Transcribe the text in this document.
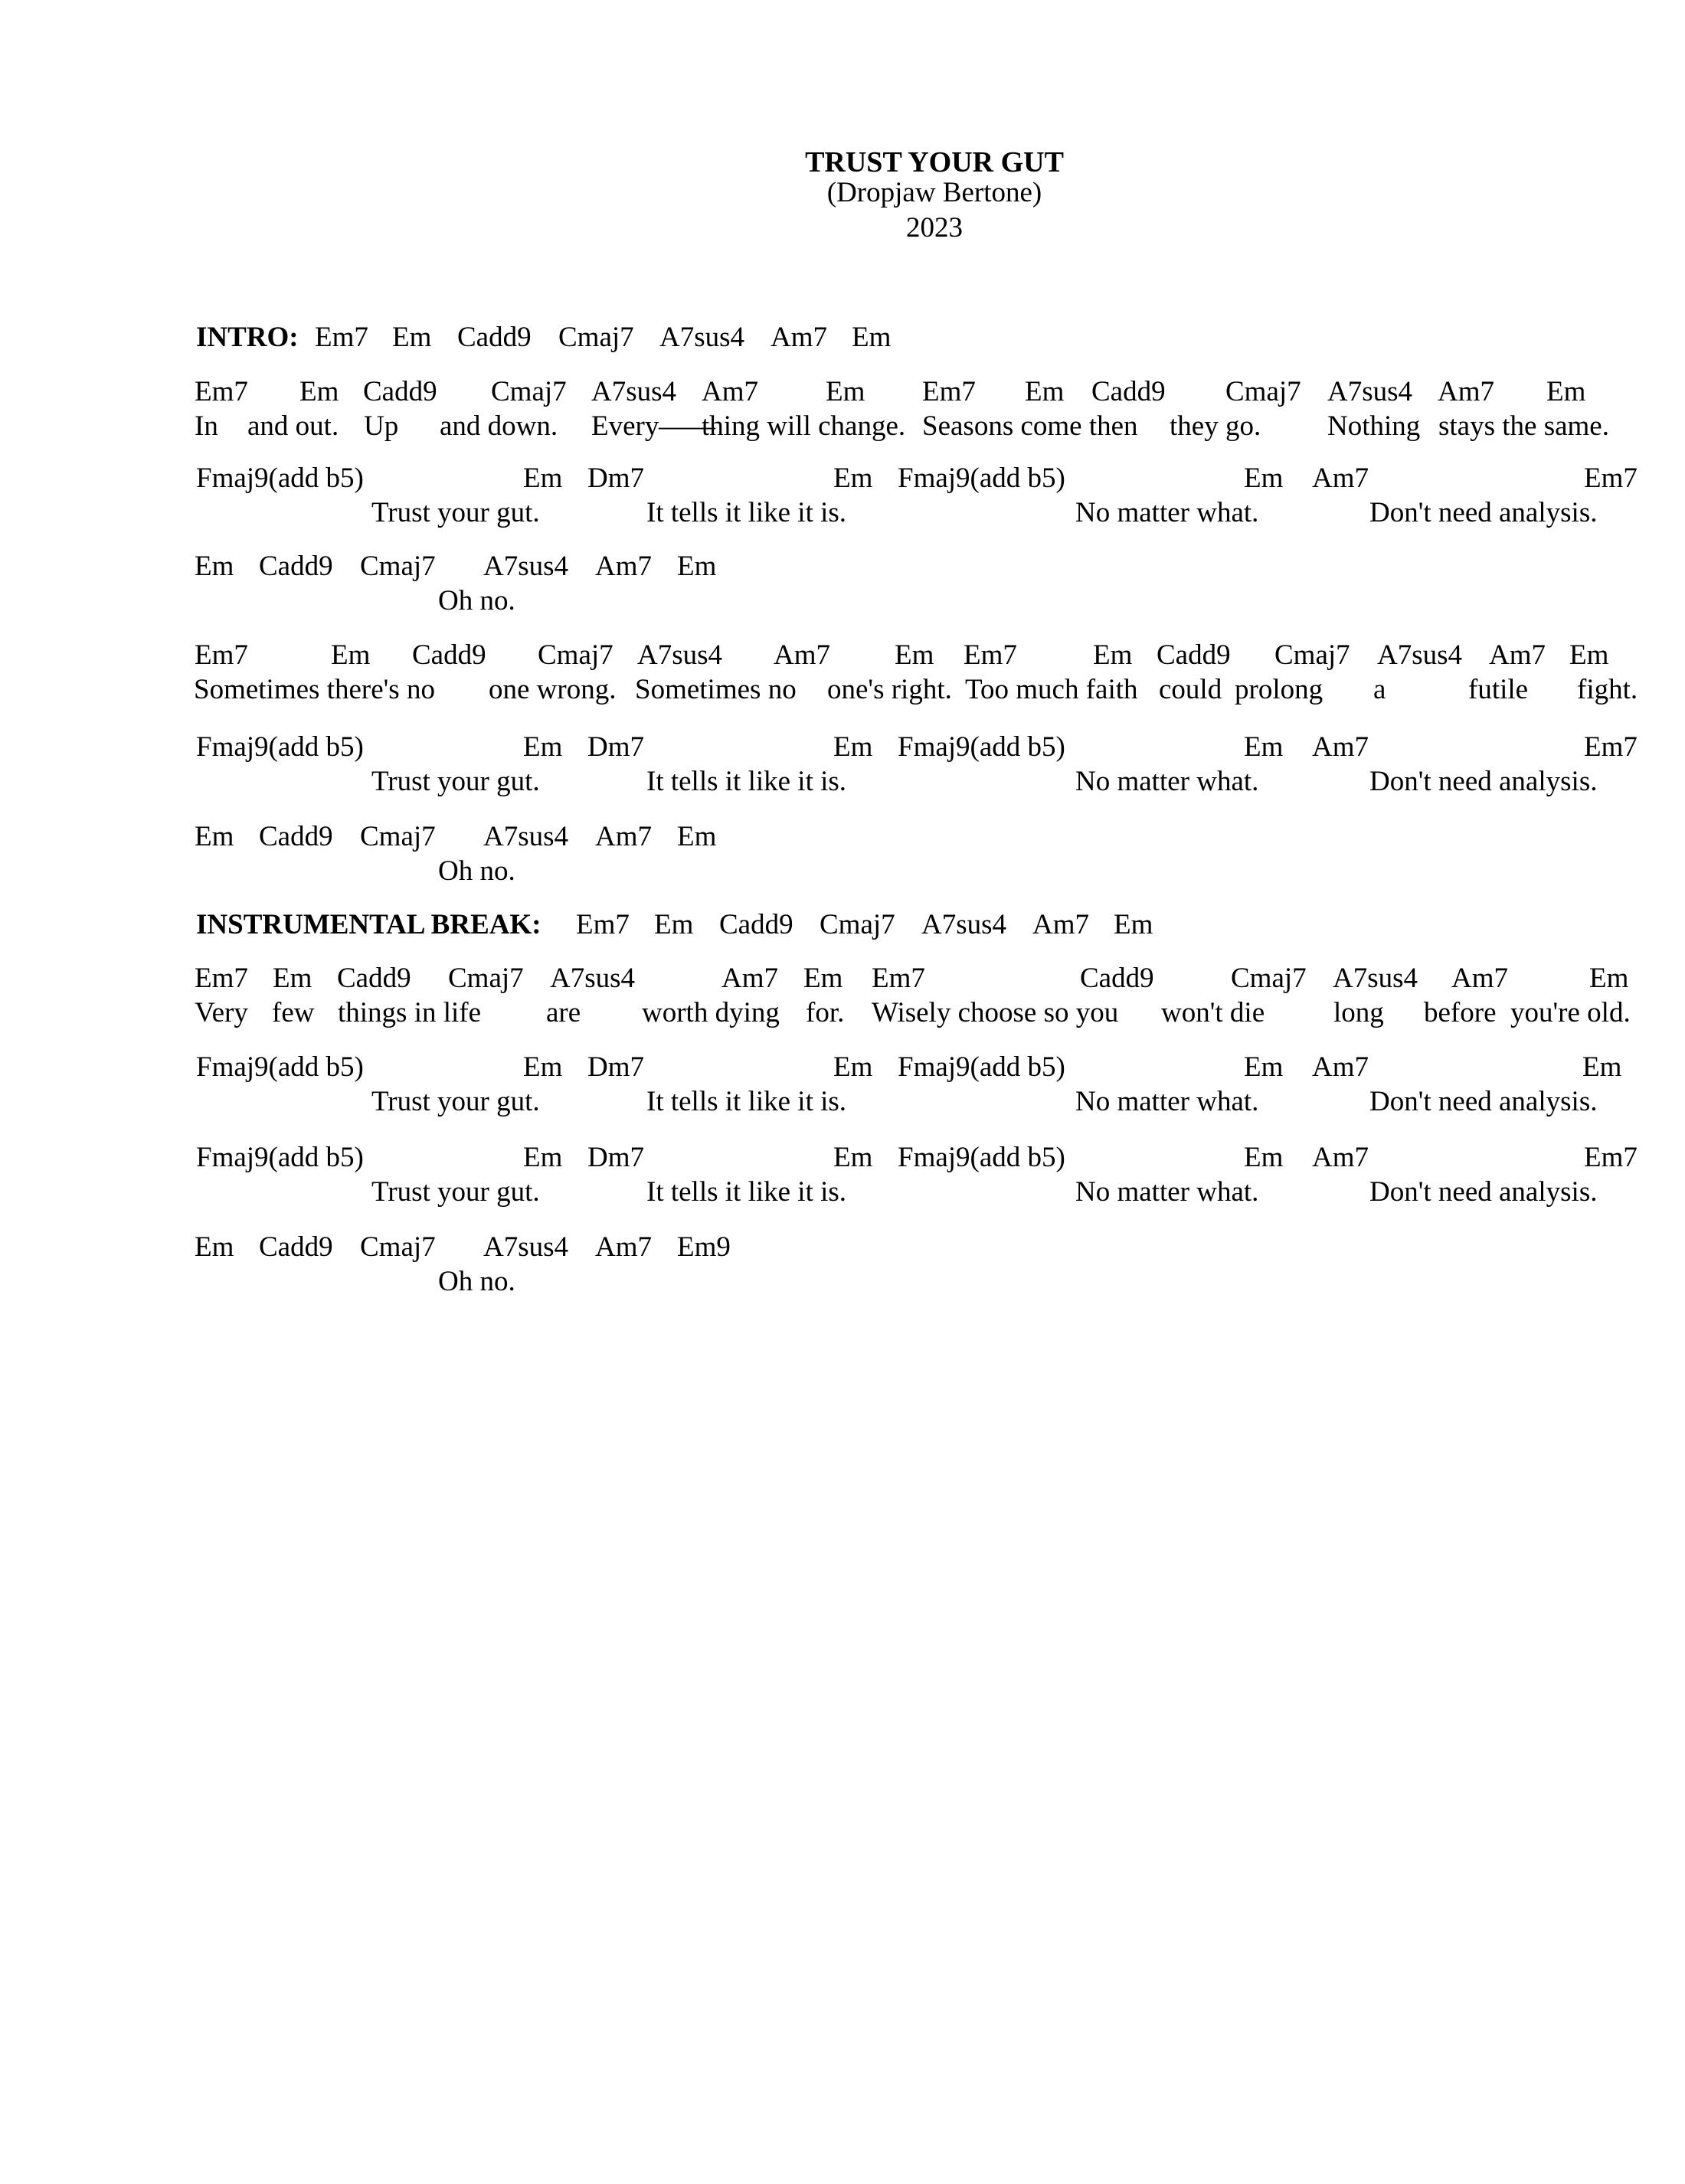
TRUST YOUR GUT
(Dropjaw Bertone)
2023
INTRO: Em7 Em Cadd9 Cmaj7 A7sus4 Am7 Em
Em7 Em Cadd9 Cmaj7 A7sus4 Am7 Em Em7 Em Cadd9 Cmaj7 A7sus4 Am7 Em
In and out. Up and down. Every ——
thing will change. Seasons come then they go. Nothing stays the same.
Fmaj9(add b5)	Em Dm7	Em Fmaj9(add b5)	Em Am7	Em7
Trust your gut.	It tells it like it is.	No matter what.	Don't need analysis.
Em Cadd9 Cmaj7 A7sus4 Am7 Em
Oh no.
Em7	Em Cadd9 Cmaj7 A7sus4 Am7 Em Em7	Em Cadd9 Cmaj7 A7sus4 Am7 Em
Sometimes there's no one wrong. Sometimes no one's right. Too much faith could prolong a	futile fight.
Fmaj9(add b5)	Em Dm7	Em Fmaj9(add b5)	Em Am7	Em7
Trust your gut.	It tells it like it is.	No matter what.	Don't need analysis.
Em Cadd9 Cmaj7 A7sus4 Am7 Em
Oh no.
INSTRUMENTAL BREAK: Em7 Em Cadd9 Cmaj7 A7sus4 Am7 Em
Em7 Em Cadd9 Cmaj7 A7sus4	Am7 Em Em7	Cadd9	Cmaj7 A7sus4 Am7	Em
Very few things in life are worth dying for. Wisely choose so you won't die long before you're old.
Fmaj9(add b5)	Em Dm7	Em Fmaj9(add b5)	Em Am7	Em
Trust your gut.	It tells it like it is.	No matter what.	Don't need analysis.
Fmaj9(add b5)	Em Dm7	Em Fmaj9(add b5)	Em Am7	Em7
Trust your gut.	It tells it like it is.	No matter what.	Don't need analysis.
Em Cadd9 Cmaj7 A7sus4 Am7 Em9
Oh no.
